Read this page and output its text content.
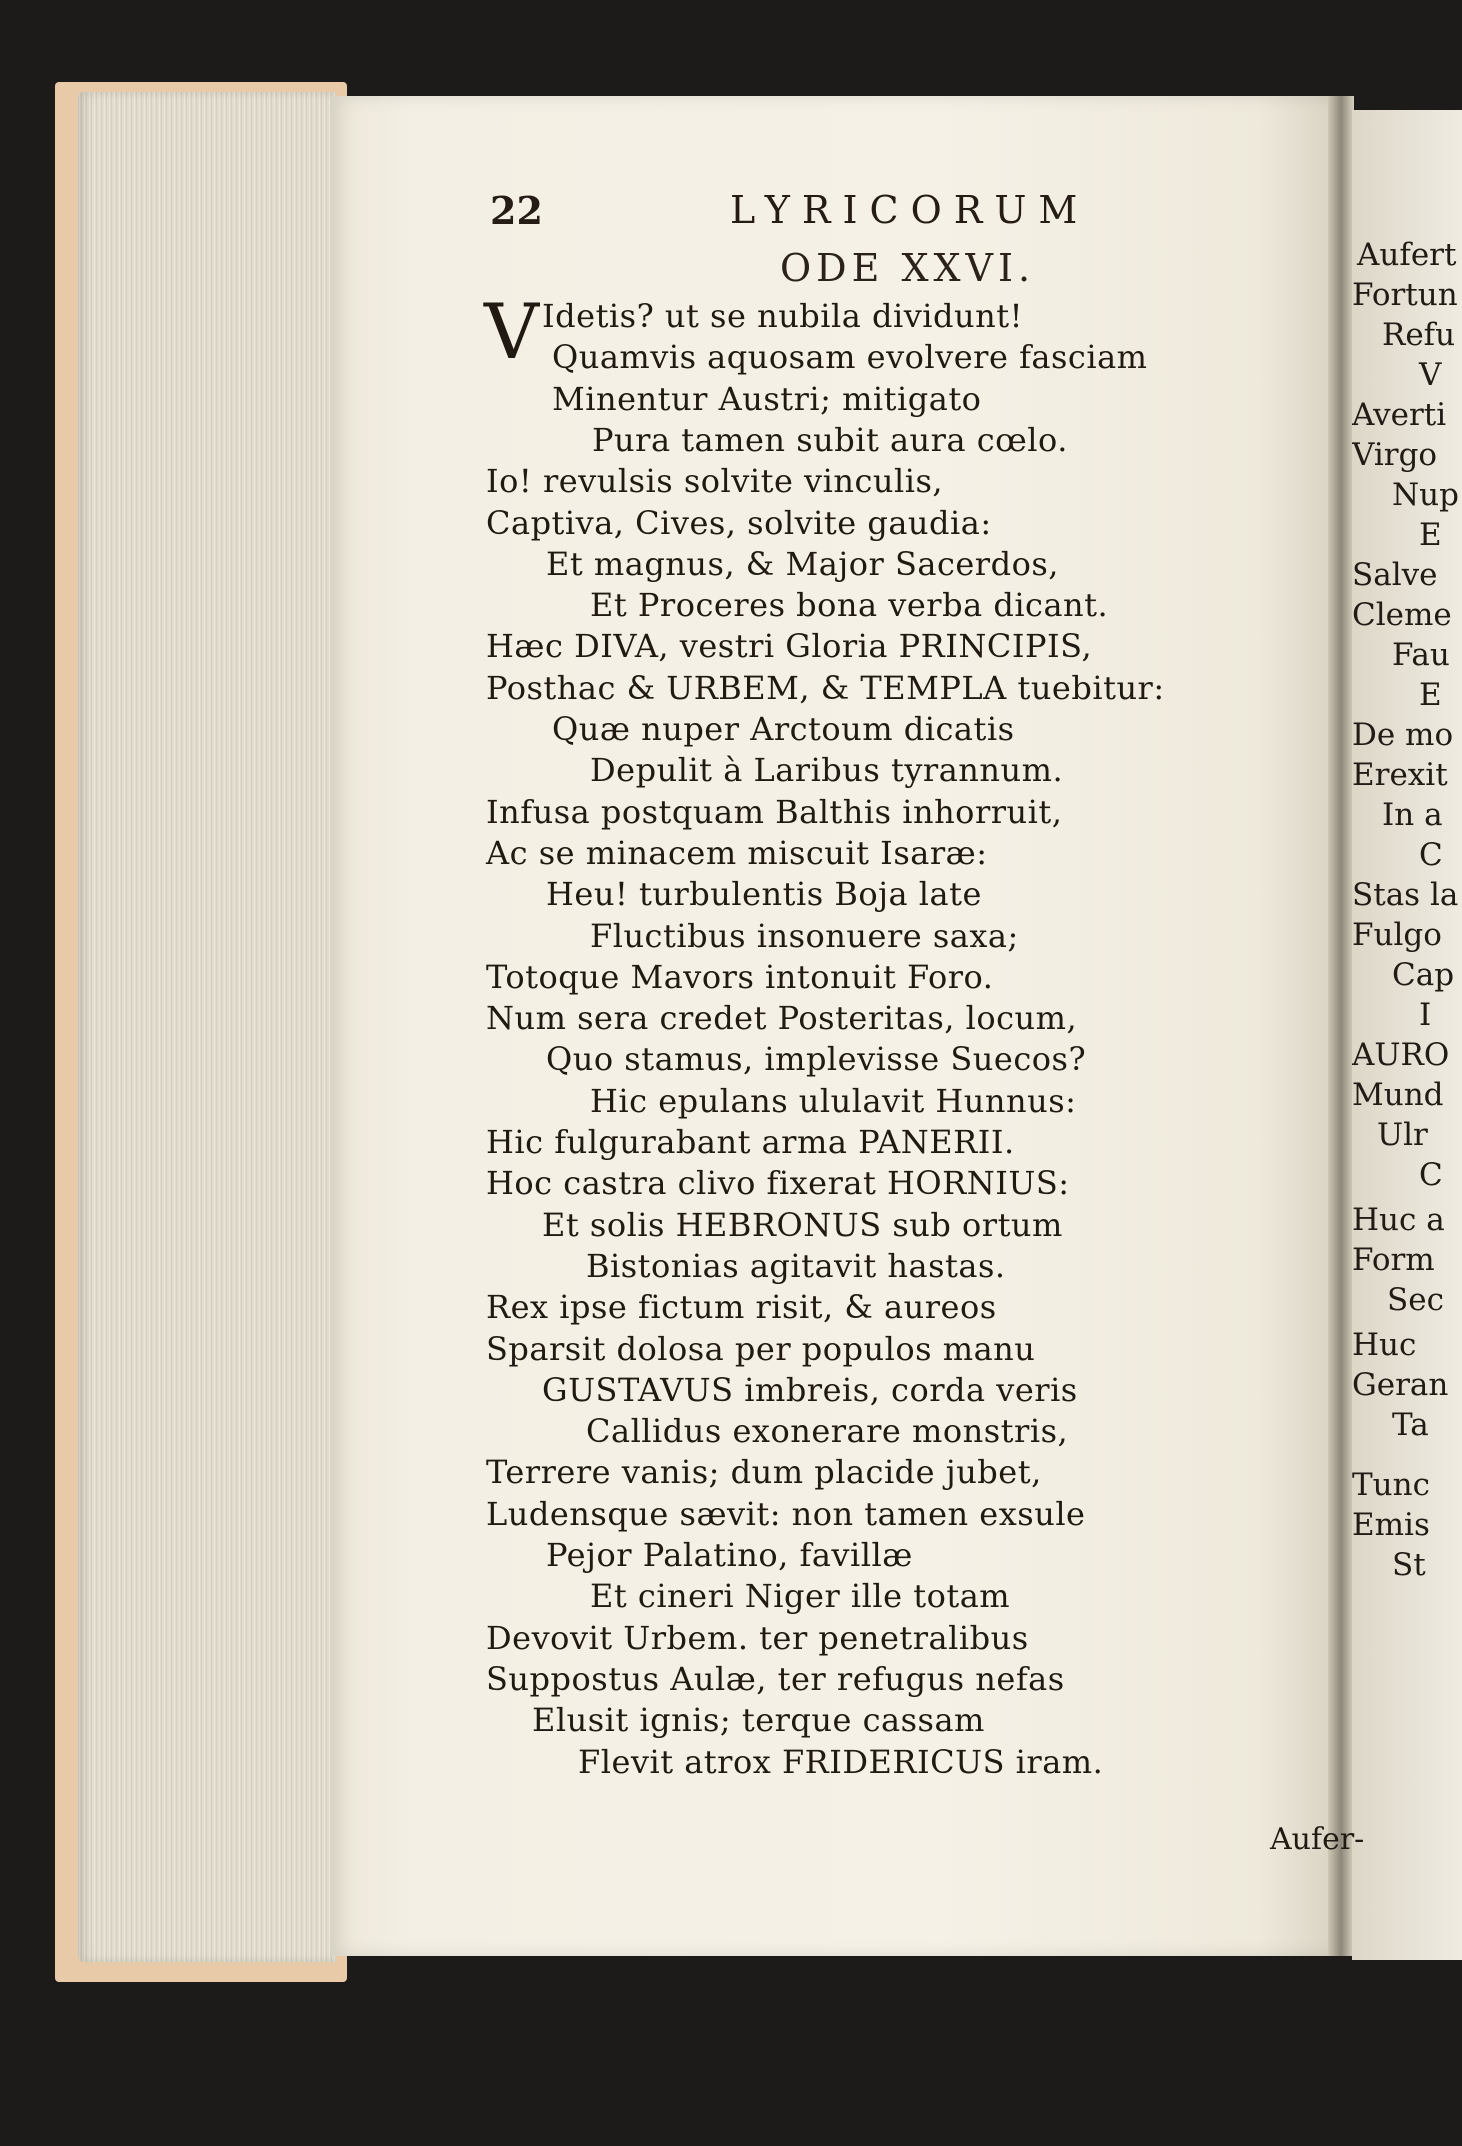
Aufert
Fortun
Refu
V
Averti
Virgo
Nup
E
Salve
Cleme
Fau
E
De mo
Erexit
In a
C
Stas la
Fulgo
Cap
I
AURO
Mund
Ulr
C
Huc a
Form
Sec
Huc
Geran
Ta
Tunc
Emis
St
22	LYRICORUM
ODE XXVI.
V Idetis? ut se nubila dividunt!
Quamvis aquosam evolvere fasciam
Minentur Austri; mitigato
Pura tamen subit aura cœlo.
Io! revulsis solvite vinculis,
Captiva, Cives, solvite gaudia:
Et magnus, & Major Sacerdos,
Et Proceres bona verba dicant.
Hæc DIVA, vestri Gloria PRINCIPIS,
Posthac & URBEM, & TEMPLA tuebitur:
Quæ nuper Arctoum dicatis
Depulit à Laribus tyrannum.
Infusa postquam Balthis inhorruit,
Ac se minacem miscuit Isaræ:
Heu! turbulentis Boja late
Fluctibus insonuere saxa;
Totoque Mavors intonuit Foro.
Num sera credet Posteritas, locum,
Quo stamus, implevisse Suecos?
Hic epulans ululavit Hunnus:
Hic fulgurabant arma PANERII.
Hoc castra clivo fixerat HORNIUS:
Et solis HEBRONUS sub ortum
Bistonias agitavit hastas.
Rex ipse fictum risit, & aureos
Sparsit dolosa per populos manu
GUSTAVUS imbreis, corda veris
Callidus exonerare monstris,
Terrere vanis; dum placide jubet,
Ludensque sævit: non tamen exsule
Pejor Palatino, favillæ
Et cineri Niger ille totam
Devovit Urbem. ter penetralibus
Suppostus Aulæ, ter refugus nefas
Elusit ignis; terque cassam
Flevit atrox FRIDERICUS iram.
Aufer-
